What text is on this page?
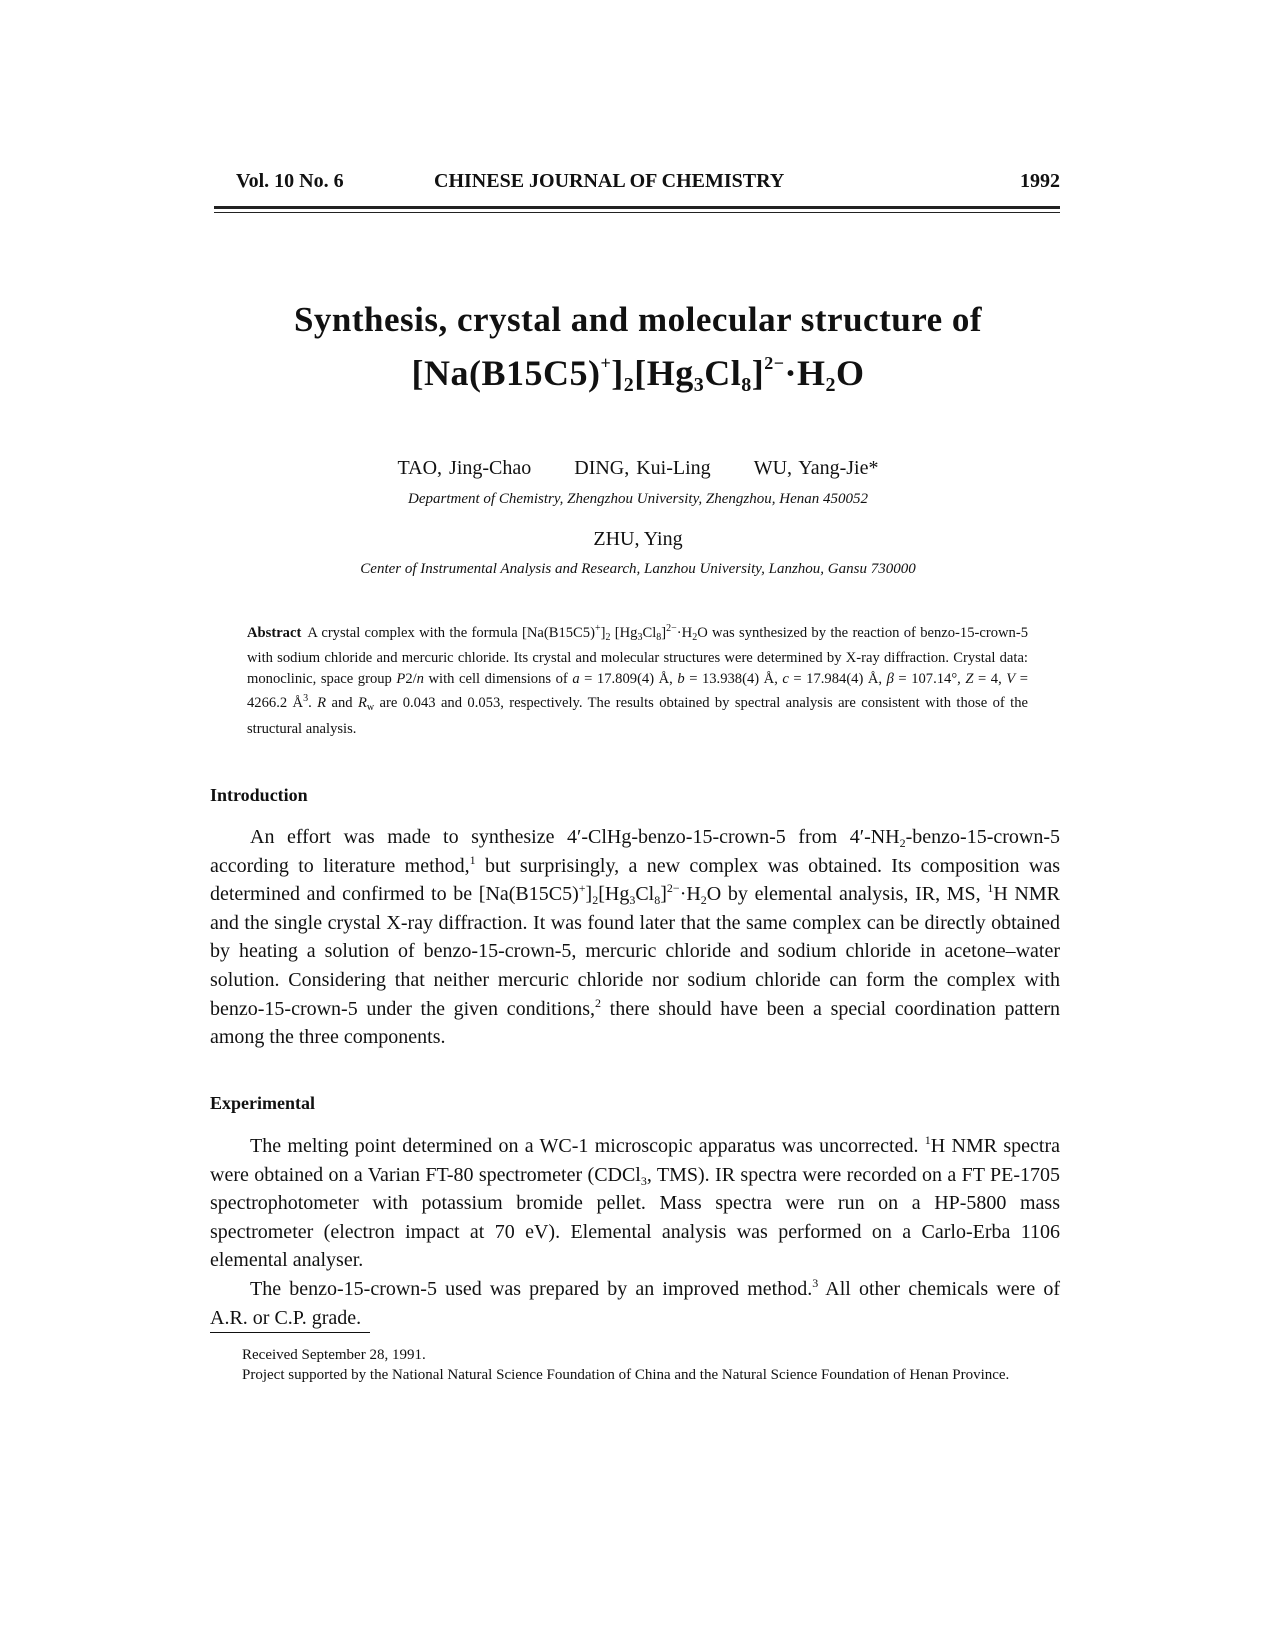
Vol. 10 No. 6	CHINESE JOURNAL OF CHEMISTRY	1992
Synthesis, crystal and molecular structure of
$[Na(B15C5)^+]_2[Hg_3Cl_8]^{2-}\cdot H_2O$
TAO, Jing-Chao DING, Kui-Ling WU, Yang-Jie*
Department of Chemistry, Zhengzhou University, Zhengzhou, Henan 450052
ZHU, Ying
Center of Instrumental Analysis and Research, Lanzhou University, Lanzhou, Gansu 730000
Abstract A crystal complex with the formula $[Na(B15C5)^+]_2$ $[Hg_3Cl_8]^{2-}\cdot H_2O$ was synthesized by the reaction of benzo-15-crown-5 with sodium chloride and mercuric chloride. Its crystal and molecular structures were determined by X-ray diffraction. Crystal data: monoclinic, space group P2/n with cell dimensions of a = 17.809(4) Å, b = 13.938(4) Å, c = 17.984(4) Å, β = 107.14°, Z = 4, V = 4266.2 $Å^3$. R and $R_w$ are 0.043 and 0.053, respectively. The results obtained by spectral analysis are consistent with those of the structural analysis.
Introduction

An effort was made to synthesize 4′-ClHg-benzo-15-crown-5 from $4'-NH_2-benzo-15-crown-5$ according to literature method,$^1$ but surprisingly, a new complex was obtained. Its composition was determined and confirmed to be $[Na(B15C5)^+]_2[Hg_3Cl_8]^{2-}\cdot H_2O$ by elemental analysis, IR, MS, $^1$H NMR and the single crystal X-ray diffraction. It was found later that the same complex can be directly obtained by heating a solution of benzo-15-crown-5, mercuric chloride and sodium chloride in acetone–water solution. Considering that neither mercuric chloride nor sodium chloride can form the complex with benzo-15-crown-5 under the given conditions,$^2$ there should have been a special coordination pattern among the three components.

Experimental

The melting point determined on a WC-1 microscopic apparatus was uncorrected. $^1$H NMR spectra were obtained on a Varian FT-80 spectrometer (CDCl$_3$, TMS). IR spectra were recorded on a FT PE-1705 spectrophotometer with potassium bromide pellet. Mass spectra were run on a HP-5800 mass spectrometer (electron impact at 70 eV). Elemental analysis was performed on a Carlo-Erba 1106 elemental analyser.

The benzo-15-crown-5 used was prepared by an improved method.$^3$ All other chemicals were of A.R. or C.P. grade.

Received September 28, 1991.

Project supported by the National Natural Science Foundation of China and the Natural Science Foundation of Henan Province.
